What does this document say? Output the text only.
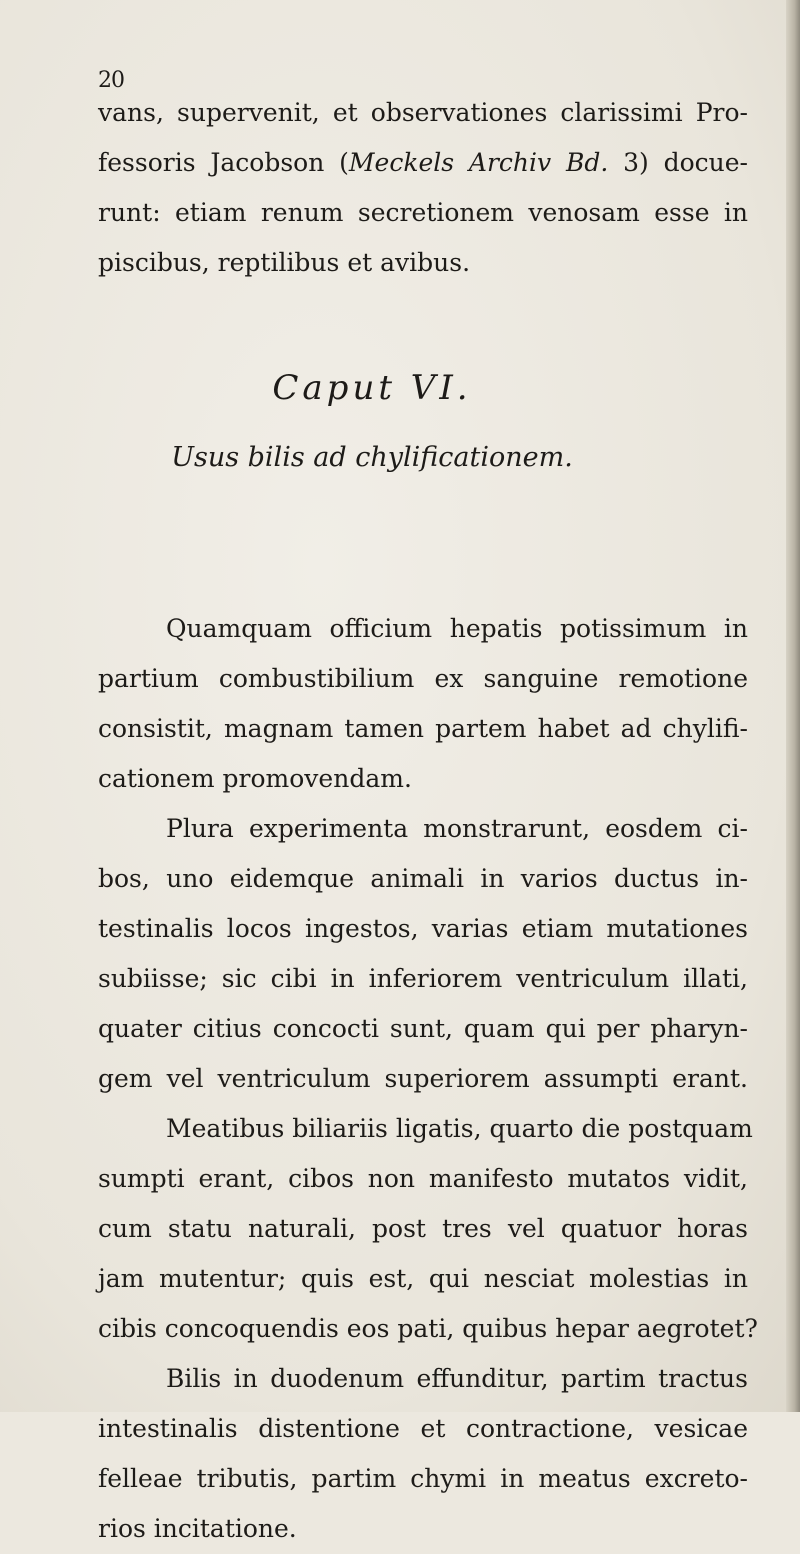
20
vans, supervenit, et observationes clarissimi Pro-
fessoris Jacobson (Meckels Archiv Bd. 3) docue-
runt: etiam renum secretionem venosam esse in
piscibus, reptilibus et avibus.
Caput VI.
Usus bilis ad chylificationem.
Quamquam officium hepatis potissimum in
partium combustibilium ex sanguine remotione
consistit, magnam tamen partem habet ad chylifi-
cationem promovendam.
Plura experimenta monstrarunt, eosdem ci-
bos, uno eidemque animali in varios ductus in-
testinalis locos ingestos, varias etiam mutationes
subiisse; sic cibi in inferiorem ventriculum illati,
quater citius concocti sunt, quam qui per pharyn-
gem vel ventriculum superiorem assumpti erant.
Meatibus biliariis ligatis, quarto die postquam
sumpti erant, cibos non manifesto mutatos vidit,
cum statu naturali, post tres vel quatuor horas
jam mutentur; quis est, qui nesciat molestias in
cibis concoquendis eos pati, quibus hepar aegrotet?
Bilis in duodenum effunditur, partim tractus
intestinalis distentione et contractione, vesicae
felleae tributis, partim chymi in meatus excreto-
rios incitatione.
